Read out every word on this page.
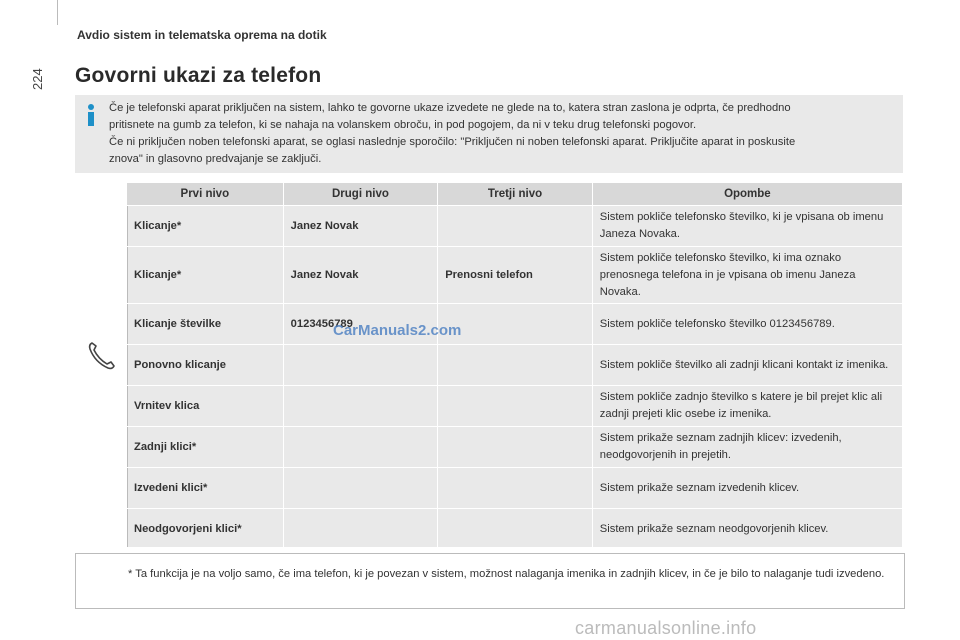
224
Avdio sistem in telematska oprema na dotik
Govorni ukazi za telefon
Če je telefonski aparat priključen na sistem, lahko te govorne ukaze izvedete ne glede na to, katera stran zaslona je odprta, če predhodno
pritisnete na gumb za telefon, ki se nahaja na volanskem obroču, in pod pogojem, da ni v teku drug telefonski pogovor.
Če ni priključen noben telefonski aparat, se oglasi naslednje sporočilo: "Priključen ni noben telefonski aparat. Priključite aparat in poskusite
znova" in glasovno predvajanje se zaključi.
Prvi nivo	Drugi nivo	Tretji nivo	Opombe
Klicanje*	Janez Novak		Sistem pokliče telefonsko številko, ki je vpisana ob imenu Janeza Novaka.
Klicanje*	Janez Novak	Prenosni telefon	Sistem pokliče telefonsko številko, ki ima oznako prenosnega telefona in je vpisana ob imenu Janeza Novaka.
Klicanje številke	0123456789		Sistem pokliče telefonsko številko 0123456789.
Ponovno klicanje			Sistem pokliče številko ali zadnji klicani kontakt iz imenika.
Vrnitev klica			Sistem pokliče zadnjo številko s katere je bil prejet klic ali zadnji prejeti klic osebe iz imenika.
Zadnji klici*			Sistem prikaže seznam zadnjih klicev: izvedenih, neodgovorjenih in prejetih.
Izvedeni klici*			Sistem prikaže seznam izvedenih klicev.
Neodgovorjeni klici*			Sistem prikaže seznam neodgovorjenih klicev.
CarManuals2.com
* Ta funkcija je na voljo samo, če ima telefon, ki je povezan v sistem, možnost nalaganja imenika in zadnjih klicev, in če je bilo to nalaganje tudi izvedeno.
carmanualsonline.info
